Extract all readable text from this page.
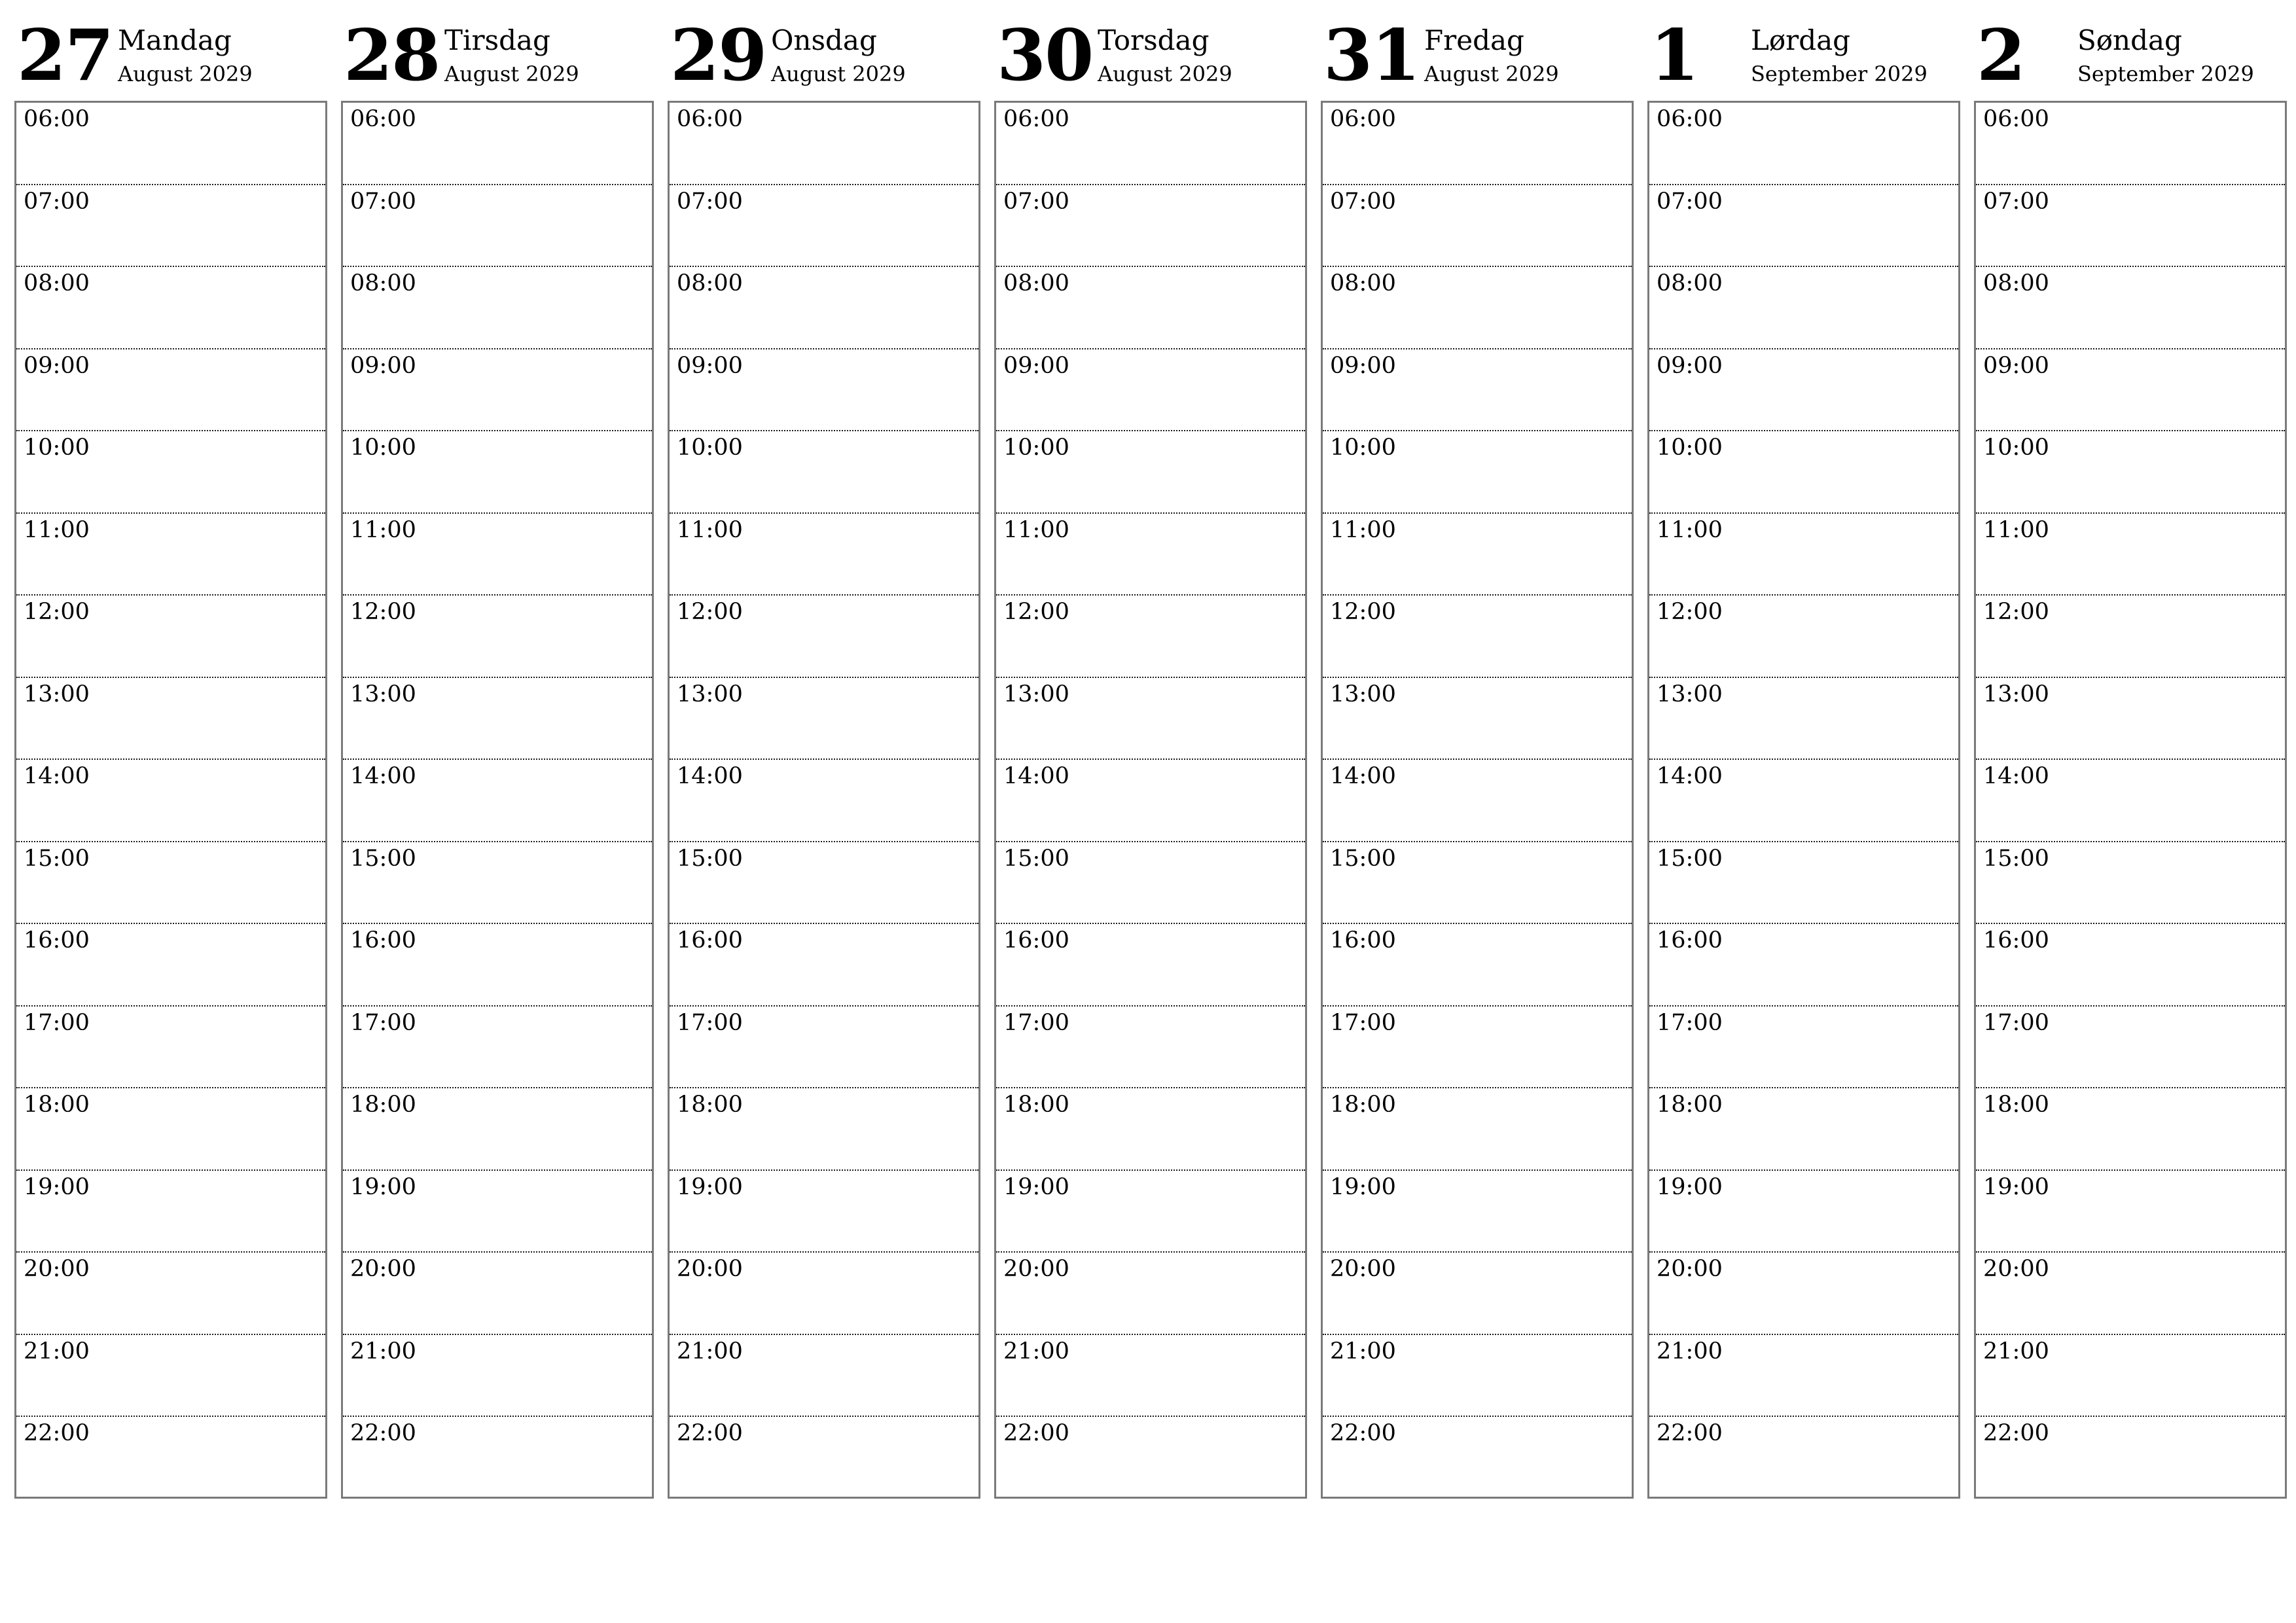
27 Mandag
August 2029
06:00
07:00
08:00
09:00
10:00
11:00
12:00
13:00
14:00
15:00
16:00
17:00
18:00
19:00
20:00
21:00
22:00
28 Tirsdag
August 2029
06:00
07:00
08:00
09:00
10:00
11:00
12:00
13:00
14:00
15:00
16:00
17:00
18:00
19:00
20:00
21:00
22:00
29 Onsdag
August 2029
06:00
07:00
08:00
09:00
10:00
11:00
12:00
13:00
14:00
15:00
16:00
17:00
18:00
19:00
20:00
21:00
22:00
30 Torsdag
August 2029
06:00
07:00
08:00
09:00
10:00
11:00
12:00
13:00
14:00
15:00
16:00
17:00
18:00
19:00
20:00
21:00
22:00
31 Fredag
August 2029
06:00
07:00
08:00
09:00
10:00
11:00
12:00
13:00
14:00
15:00
16:00
17:00
18:00
19:00
20:00
21:00
22:00
1 Lørdag
September 2029
06:00
07:00
08:00
09:00
10:00
11:00
12:00
13:00
14:00
15:00
16:00
17:00
18:00
19:00
20:00
21:00
22:00
2 Søndag
September 2029
06:00
07:00
08:00
09:00
10:00
11:00
12:00
13:00
14:00
15:00
16:00
17:00
18:00
19:00
20:00
21:00
22:00
